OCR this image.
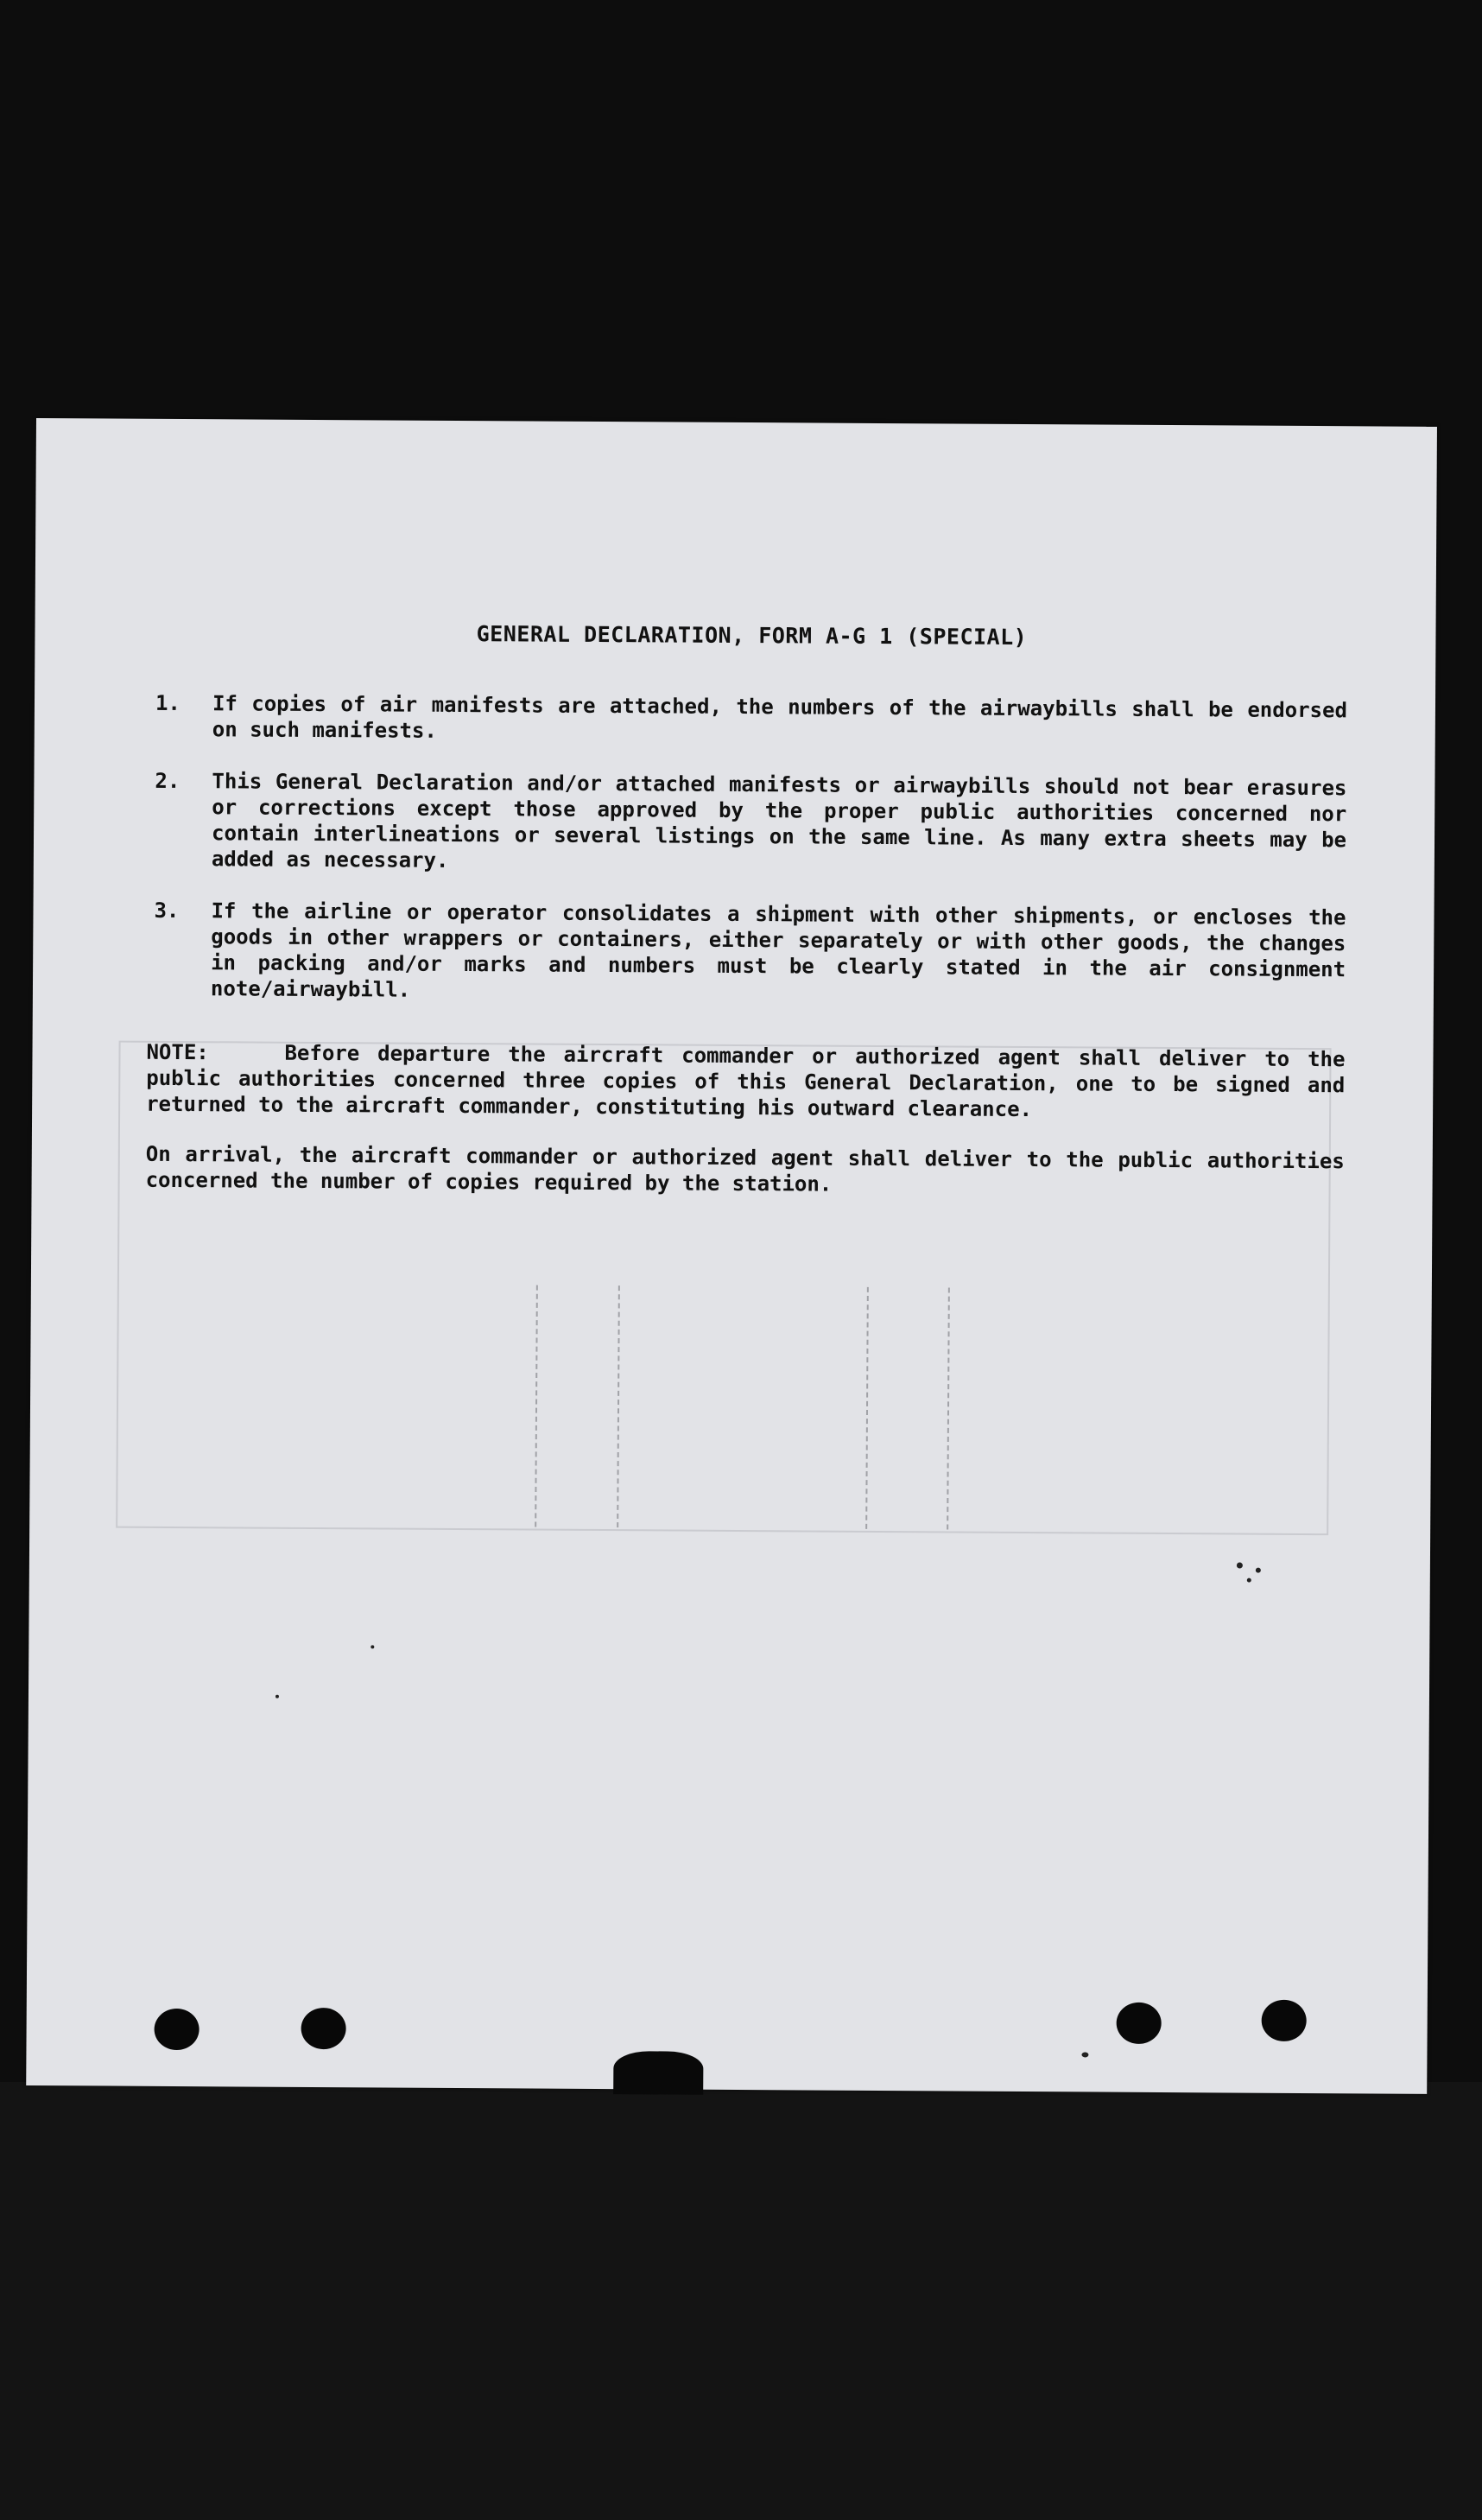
GENERAL DECLARATION, FORM A-G 1 (SPECIAL)
1.	If copies of air manifests are attached, the numbers of the airwaybills shall be endorsed on such manifests.
2.	This General Declaration and/or attached manifests or airwaybills should not bear erasures or corrections except those approved by the proper public authorities concerned nor contain interlineations or several listings on the same line. As many extra sheets may be added as necessary.
3.	If the airline or operator consolidates a shipment with other shipments, or encloses the goods in other wrappers or containers, either separately or with other goods, the changes in packing and/or marks and numbers must be clearly stated in the air consignment note/airwaybill.

NOTE:	Before departure the aircraft commander or authorized agent shall deliver to the public authorities concerned three copies of this General Declaration, one to be signed and returned to the aircraft commander, constituting his outward clearance.

On arrival, the aircraft commander or authorized agent shall deliver to the public authorities concerned the number of copies required by the station.
